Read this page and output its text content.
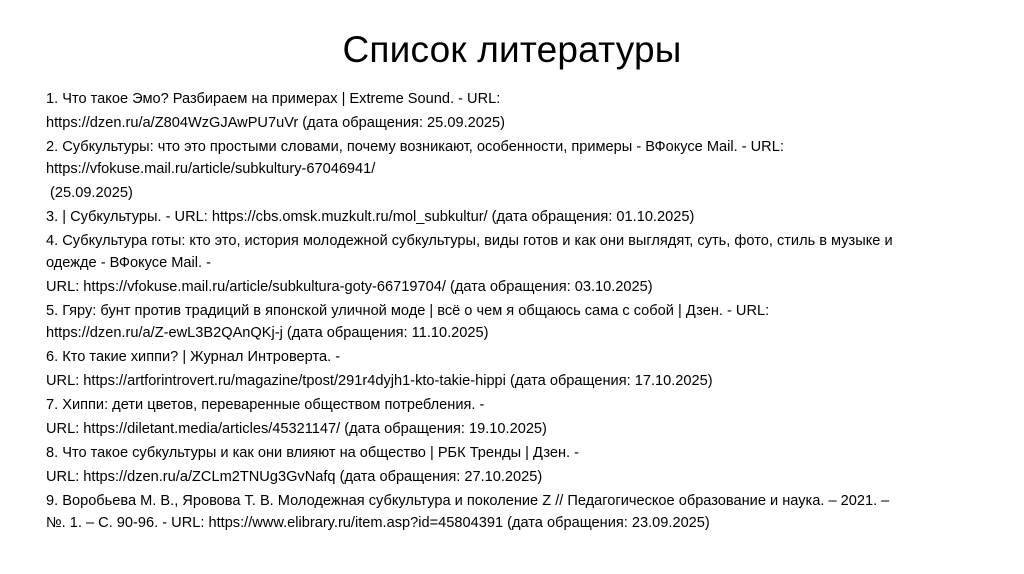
Список литературы
1. Что такое Эмо? Разбираем на примерах | Extreme Sound. - URL:
https://dzen.ru/a/Z804WzGJAwPU7uVr (дата обращения: 25.09.2025)
2. Субкультуры: что это простыми словами, почему возникают, особенности, примеры - ВФокусе Mail. - URL:
https://vfokuse.mail.ru/article/subkultury-67046941/
(25.09.2025)
3. | Субкультуры. - URL: https://cbs.omsk.muzkult.ru/mol_subkultur/ (дата обращения: 01.10.2025)
4. Субкультура готы: кто это, история молодежной субкультуры, виды готов и как они выглядят, суть, фото, стиль в музыке и
одежде - ВФокусе Mail. -
URL: https://vfokuse.mail.ru/article/subkultura-goty-66719704/ (дата обращения: 03.10.2025)
5. Гяру: бунт против традиций в японской уличной моде | всё о чем я общаюсь сама с собой | Дзен. - URL:
https://dzen.ru/a/Z-ewL3B2QAnQKj-j (дата обращения: 11.10.2025)
6. Кто такие хиппи? | Журнал Интроверта. -
URL: https://artforintrovert.ru/magazine/tpost/291r4dyjh1-kto-takie-hippi (дата обращения: 17.10.2025)
7. Хиппи: дети цветов, переваренные обществом потребления. -
URL: https://diletant.media/articles/45321147/ (дата обращения: 19.10.2025)
8. Что такое субкультуры и как они влияют на общество | РБК Тренды | Дзен. -
URL: https://dzen.ru/a/ZCLm2TNUg3GvNafq (дата обращения: 27.10.2025)
9. Воробьева М. В., Яровова Т. В. Молодежная субкультура и поколение Z // Педагогическое образование и наука. – 2021. –
№. 1. – С. 90-96. - URL: https://www.elibrary.ru/item.asp?id=45804391 (дата обращения: 23.09.2025)
